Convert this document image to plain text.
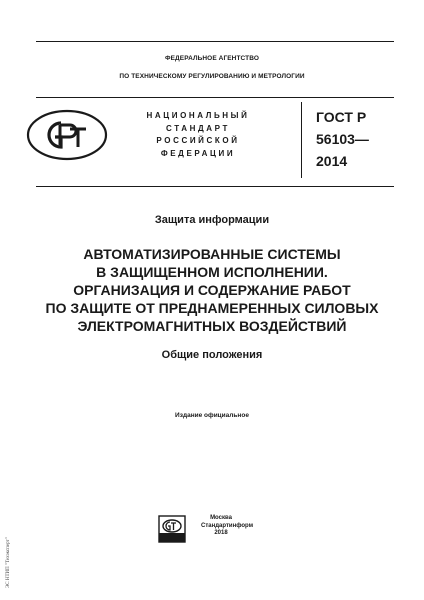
ФЕДЕРАЛЬНОЕ АГЕНТСТВО
ПО ТЕХНИЧЕСКОМУ РЕГУЛИРОВАНИЮ И МЕТРОЛОГИИ
НАЦИОНАЛЬНЫЙ
СТАНДАРТ
РОССИЙСКОЙ
ФЕДЕРАЦИИ
ГОСТ Р
56103—
2014
Защита информации
АВТОМАТИЗИРОВАННЫЕ СИСТЕМЫ
В ЗАЩИЩЕННОМ ИСПОЛНЕНИИ.
ОРГАНИЗАЦИЯ И СОДЕРЖАНИЕ РАБОТ
ПО ЗАЩИТЕ ОТ ПРЕДНАМЕРЕННЫХ СИЛОВЫХ
ЭЛЕКТРОМАГНИТНЫХ ВОЗДЕЙСТВИЙ
Общие положения
Издание официальное
Москва
Стандартинформ
2018
ЭС НТИП "Техэксперт"
